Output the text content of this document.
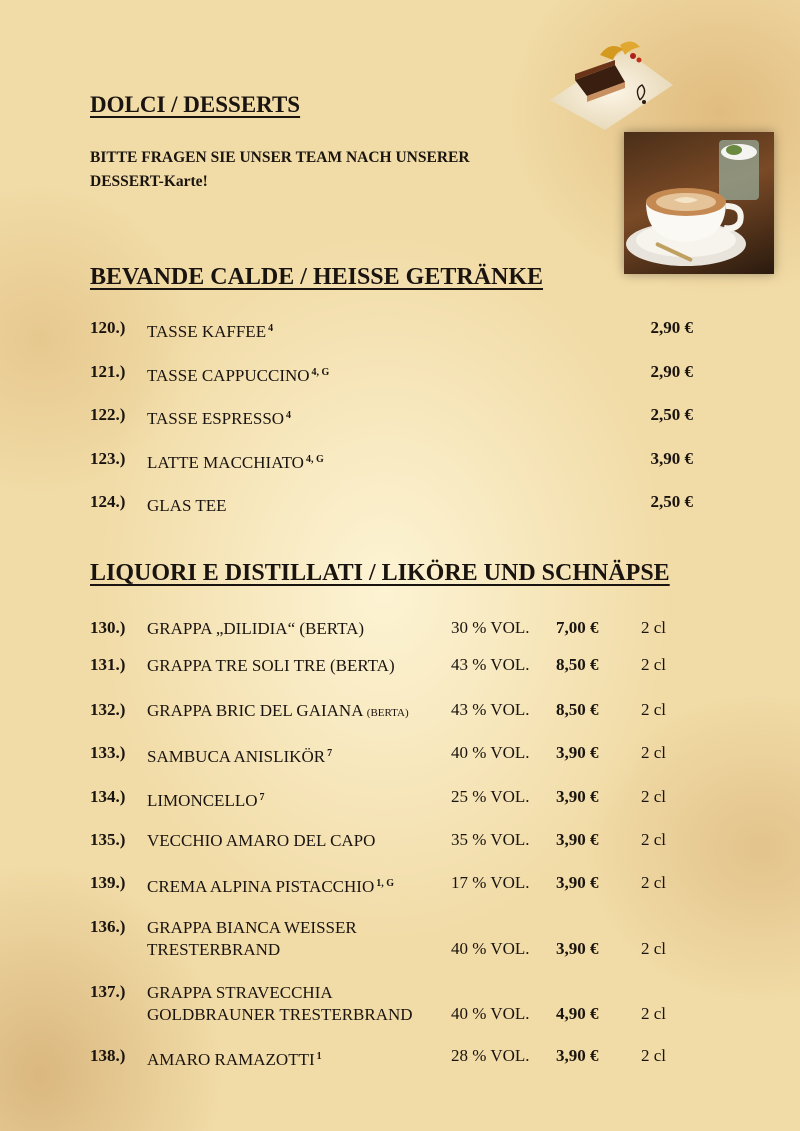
DOLCI / DESSERTS
BITTE FRAGEN SIE UNSER TEAM NACH UNSERER
DESSERT-Karte!
BEVANDE CALDE / HEISSE GETRÄNKE
120.) TASSE KAFFEE $^4$	2,90 €
121.) TASSE CAPPUCCINO $^{4, G}$	2,90 €
122.) TASSE ESPRESSO $^4$	2,50 €
123.) LATTE MACCHIATO $^{4, G}$	3,90 €
124.) GLAS TEE	2,50 €
LIQUORI E DISTILLATI / LIKÖRE UND SCHNÄPSE
130.) GRAPPA „DILIDIA“ (BERTA)	30 % VOL. 7,00 €	2 cl
131.) GRAPPA TRE SOLI TRE (BERTA)	43 % VOL. 8,50 €	2 cl
132.) GRAPPA BRIC DEL GAIANA (BERTA) 43 % VOL. 8,50 €	2 cl
133.) SAMBUCA ANISLIKÖR $^7$	40 % VOL. 3,90 €	2 cl
134.) LIMONCELLO $^7$	25 % VOL. 3,90 €	2 cl
135.) VECCHIO AMARO DEL CAPO	35 % VOL. 3,90 €	2 cl
139.) CREMA ALPINA PISTACCHIO $^{1, G}$	17 % VOL. 3,90 €	2 cl
136.) GRAPPA BIANCA WEISSER
TRESTERBRAND	40 % VOL. 3,90 €	2 cl
137.) GRAPPA STRAVECCHIA
GOLDBRAUNER TRESTERBRAND 40 % VOL. 4,90 €	2 cl
138.) AMARO RAMAZOTTI $^1$	28 % VOL. 3,90 €	2 cl
